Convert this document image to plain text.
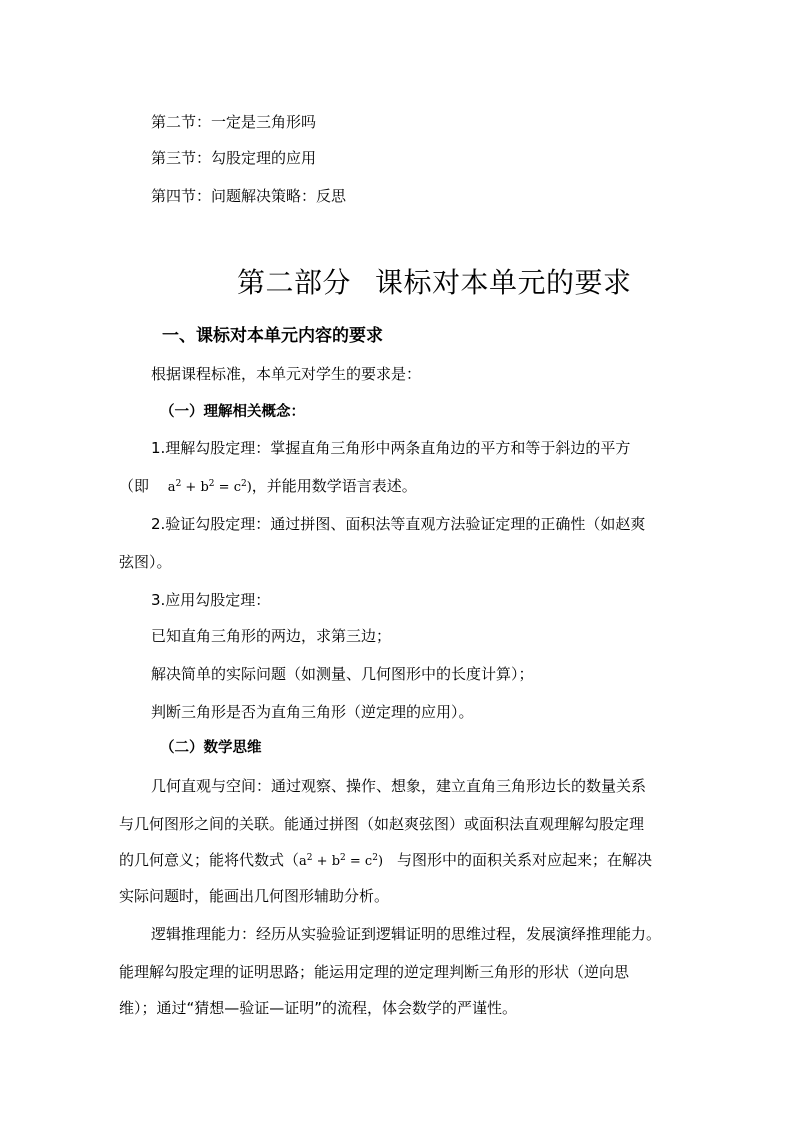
第二节：一定是三角形吗
第三节：勾股定理的应用
第四节：问题解决策略：反思
第二部分 课标对本单元的要求
一、课标对本单元内容的要求
根据课程标准，本单元对学生的要求是：
（一）理解相关概念：
1.理解勾股定理：掌握直角三角形中两条直角边的平方和等于斜边的平方
（即 $a^2 + b^2 = c^2$)，并能用数学语言表述。
2.验证勾股定理：通过拼图、面积法等直观方法验证定理的正确性（如赵爽
弦图）。
3.应用勾股定理：
已知直角三角形的两边，求第三边；
解决简单的实际问题（如测量、几何图形中的长度计算）；
判断三角形是否为直角三角形（逆定理的应用）。
（二）数学思维
几何直观与空间：通过观察、操作、想象，建立直角三角形边长的数量关系
与几何图形之间的关联。能通过拼图（如赵爽弦图）或面积法直观理解勾股定理
的几何意义；能将代数式$(a^2 + b^2 = c^2)$ 与图形中的面积关系对应起来；在解决
实际问题时，能画出几何图形辅助分析。
逻辑推理能力：经历从实验验证到逻辑证明的思维过程，发展演绎推理能力。
能理解勾股定理的证明思路；能运用定理的逆定理判断三角形的形状（逆向思
维）；通过“猜想—验证—证明”的流程，体会数学的严谨性。
